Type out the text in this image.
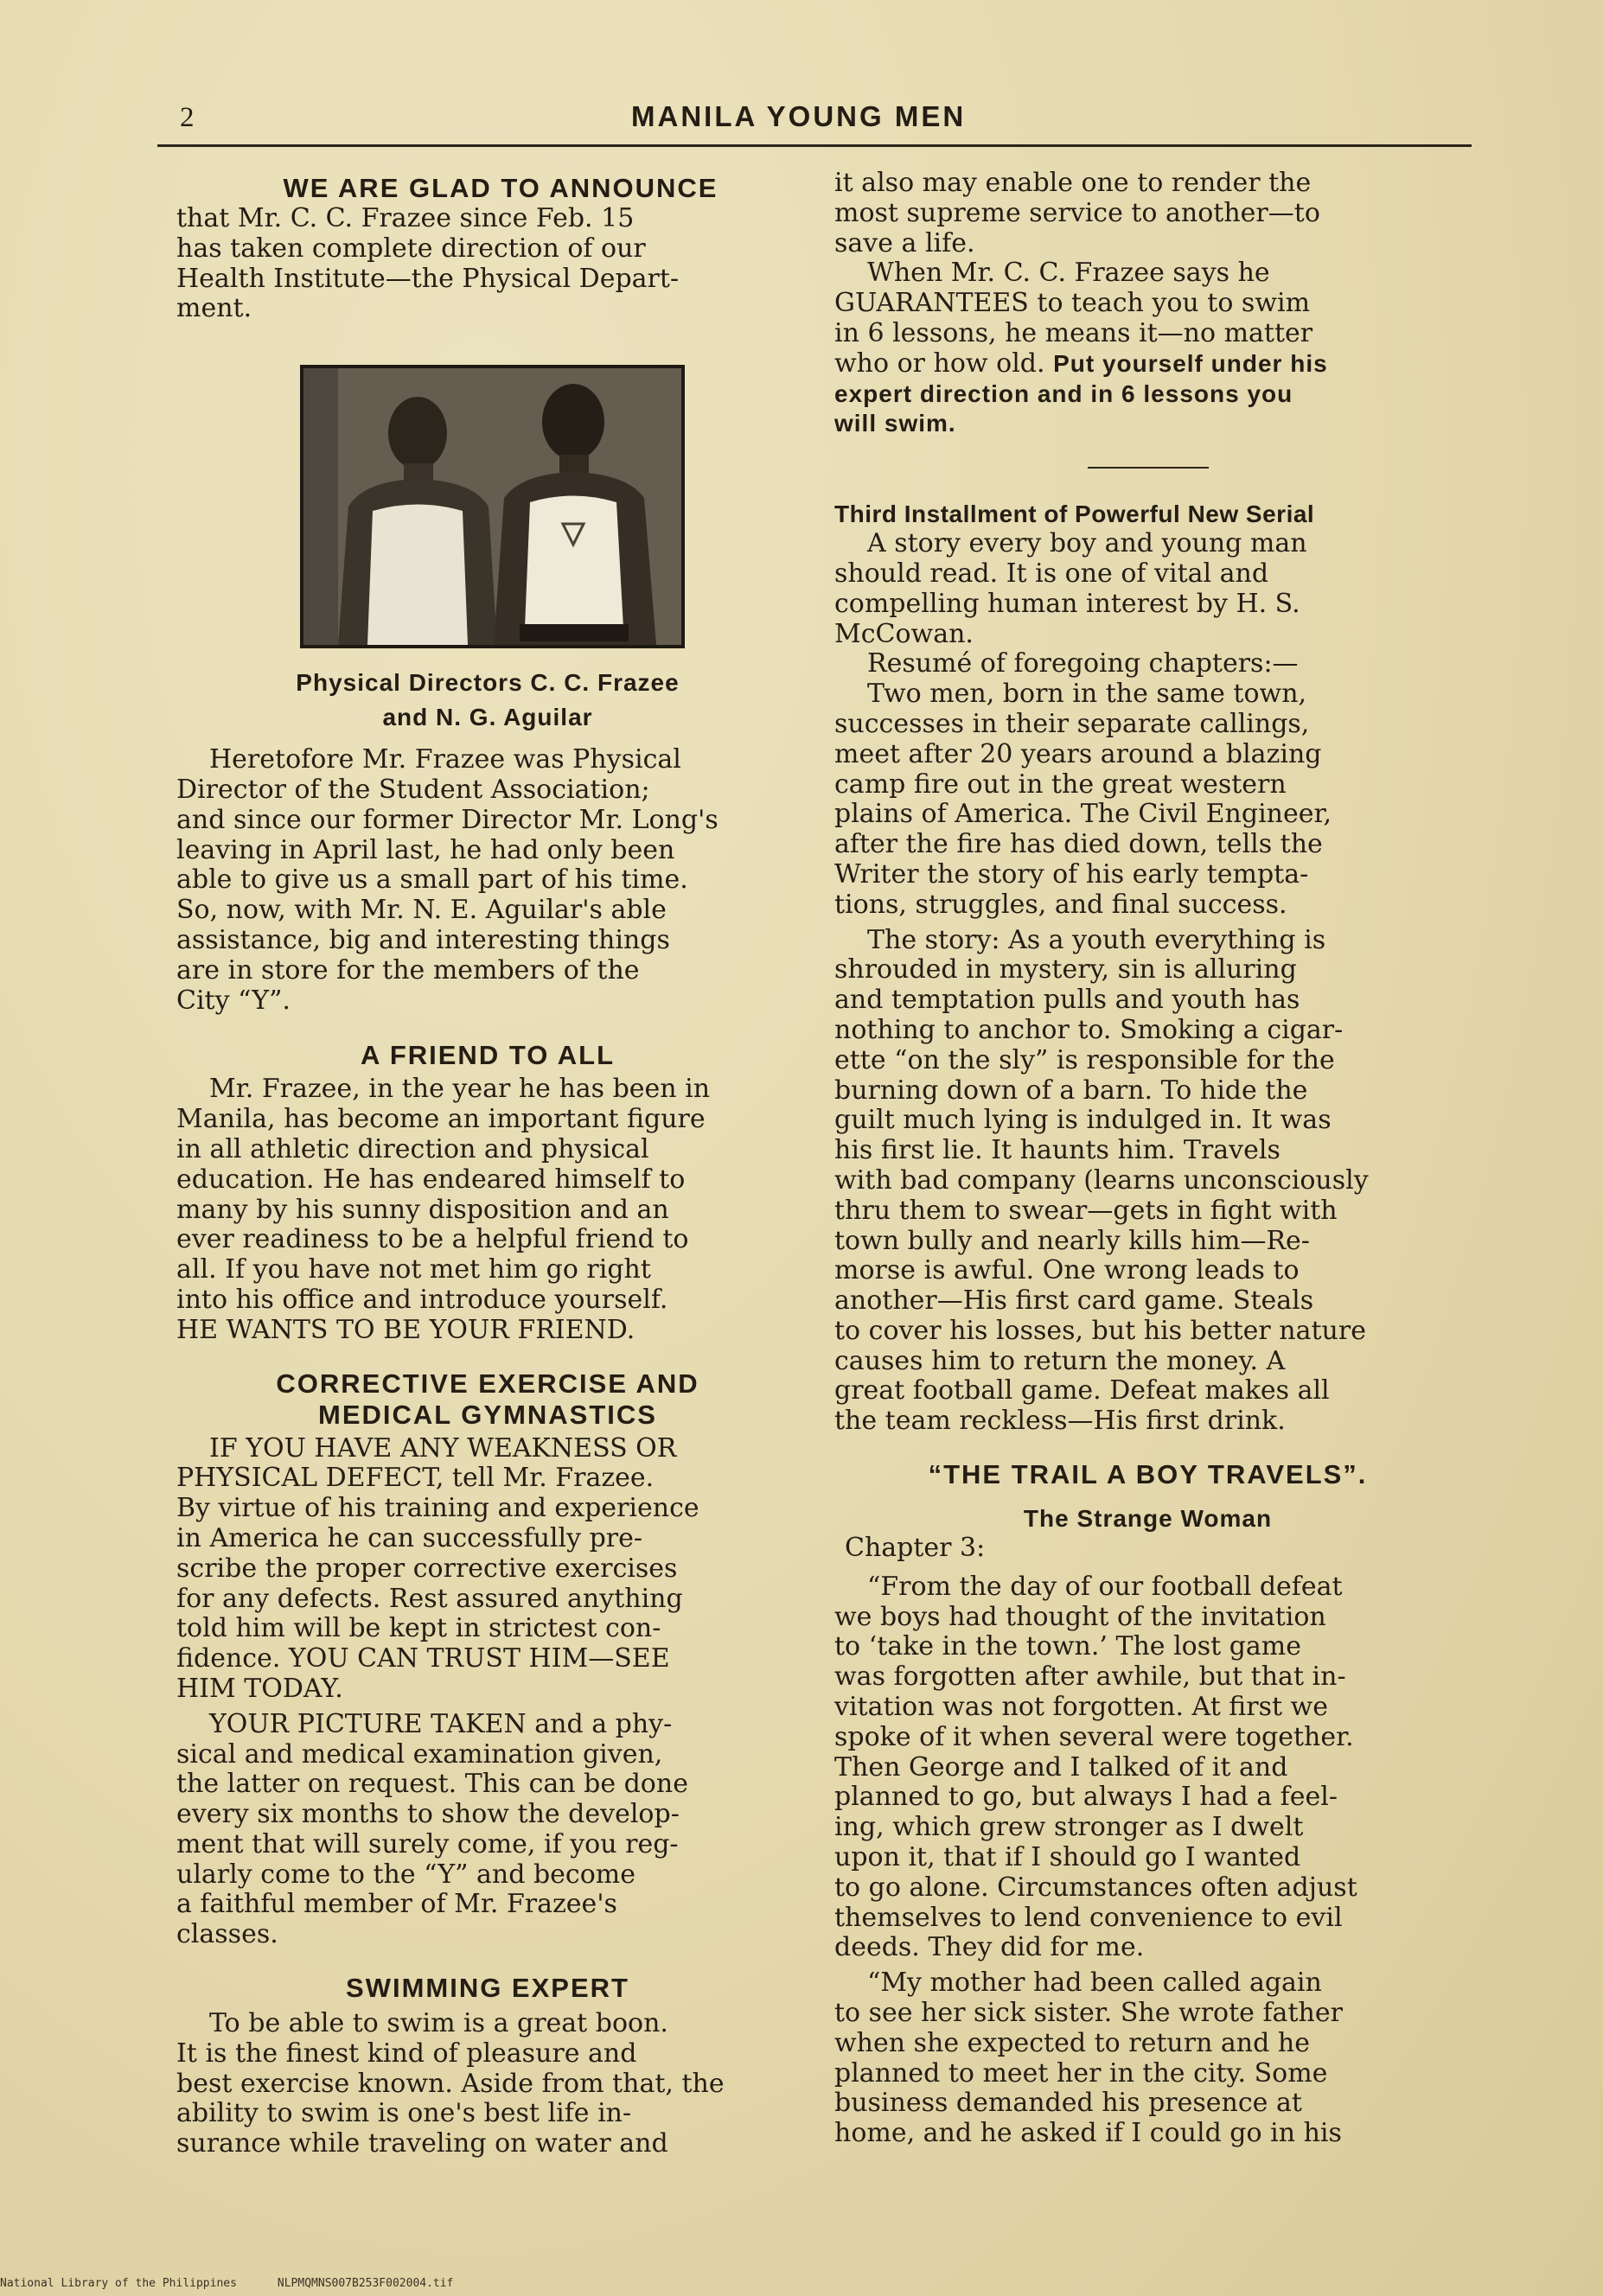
2	MANILA YOUNG MEN
WE ARE GLAD TO ANNOUNCE

that Mr. C. C. Frazee since Feb. 15

has taken complete direction of our

Health Institute—the Physical Depart-

ment.

Physical Directors C. C. Frazee
and N. G. Aguilar

Heretofore Mr. Frazee was Physical

Director of the Student Association;

and since our former Director Mr. Long's

leaving in April last, he had only been

able to give us a small part of his time.

So, now, with Mr. N. E. Aguilar's able

assistance, big and interesting things

are in store for the members of the

City “Y”.

A FRIEND TO ALL

Mr. Frazee, in the year he has been in

Manila, has become an important figure

in all athletic direction and physical

education. He has endeared himself to

many by his sunny disposition and an

ever readiness to be a helpful friend to

all. If you have not met him go right

into his office and introduce yourself.

HE WANTS TO BE YOUR FRIEND.

CORRECTIVE EXERCISE AND
MEDICAL GYMNASTICS

IF YOU HAVE ANY WEAKNESS OR

PHYSICAL DEFECT, tell Mr. Frazee.

By virtue of his training and experience

in America he can successfully pre-

scribe the proper corrective exercises

for any defects. Rest assured anything

told him will be kept in strictest con-

fidence. YOU CAN TRUST HIM—SEE

HIM TODAY.

YOUR PICTURE TAKEN and a phy-

sical and medical examination given,

the latter on request. This can be done

every six months to show the develop-

ment that will surely come, if you reg-

ularly come to the “Y” and become

a faithful member of Mr. Frazee's

classes.

SWIMMING EXPERT

To be able to swim is a great boon.

It is the finest kind of pleasure and

best exercise known. Aside from that, the

ability to swim is one's best life in-

surance while traveling on water and

it also may enable one to render the

most supreme service to another—to

save a life.

When Mr. C. C. Frazee says he

GUARANTEES to teach you to swim

in 6 lessons, he means it—no matter

who or how old. Put yourself under his

expert direction and in 6 lessons you

will swim.

Third Installment of Powerful New Serial

A story every boy and young man

should read. It is one of vital and

compelling human interest by H. S.

McCowan.

Resumé of foregoing chapters:—

Two men, born in the same town,

successes in their separate callings,

meet after 20 years around a blazing

camp fire out in the great western

plains of America. The Civil Engineer,

after the fire has died down, tells the

Writer the story of his early tempta-

tions, struggles, and final success.

The story: As a youth everything is

shrouded in mystery, sin is alluring

and temptation pulls and youth has

nothing to anchor to. Smoking a cigar-

ette “on the sly” is responsible for the

burning down of a barn. To hide the

guilt much lying is indulged in. It was

his first lie. It haunts him. Travels

with bad company (learns unconsciously

thru them to swear—gets in fight with

town bully and nearly kills him—Re-

morse is awful. One wrong leads to

another—His first card game. Steals

to cover his losses, but his better nature

causes him to return the money. A

great football game. Defeat makes all

the team reckless—His first drink.

“THE TRAIL A BOY TRAVELS”.
The Strange Woman

Chapter 3:

“From the day of our football defeat

we boys had thought of the invitation

to ‘take in the town.’ The lost game

was forgotten after awhile, but that in-

vitation was not forgotten. At first we

spoke of it when several were together.

Then George and I talked of it and

planned to go, but always I had a feel-

ing, which grew stronger as I dwelt

upon it, that if I should go I wanted

to go alone. Circumstances often adjust

themselves to lend convenience to evil

deeds. They did for me.

“My mother had been called again

to see her sick sister. She wrote father

when she expected to return and he

planned to meet her in the city. Some

business demanded his presence at

home, and he asked if I could go in his

National Library of the Philippines	NLPMQMNS007B253F002004.tif
